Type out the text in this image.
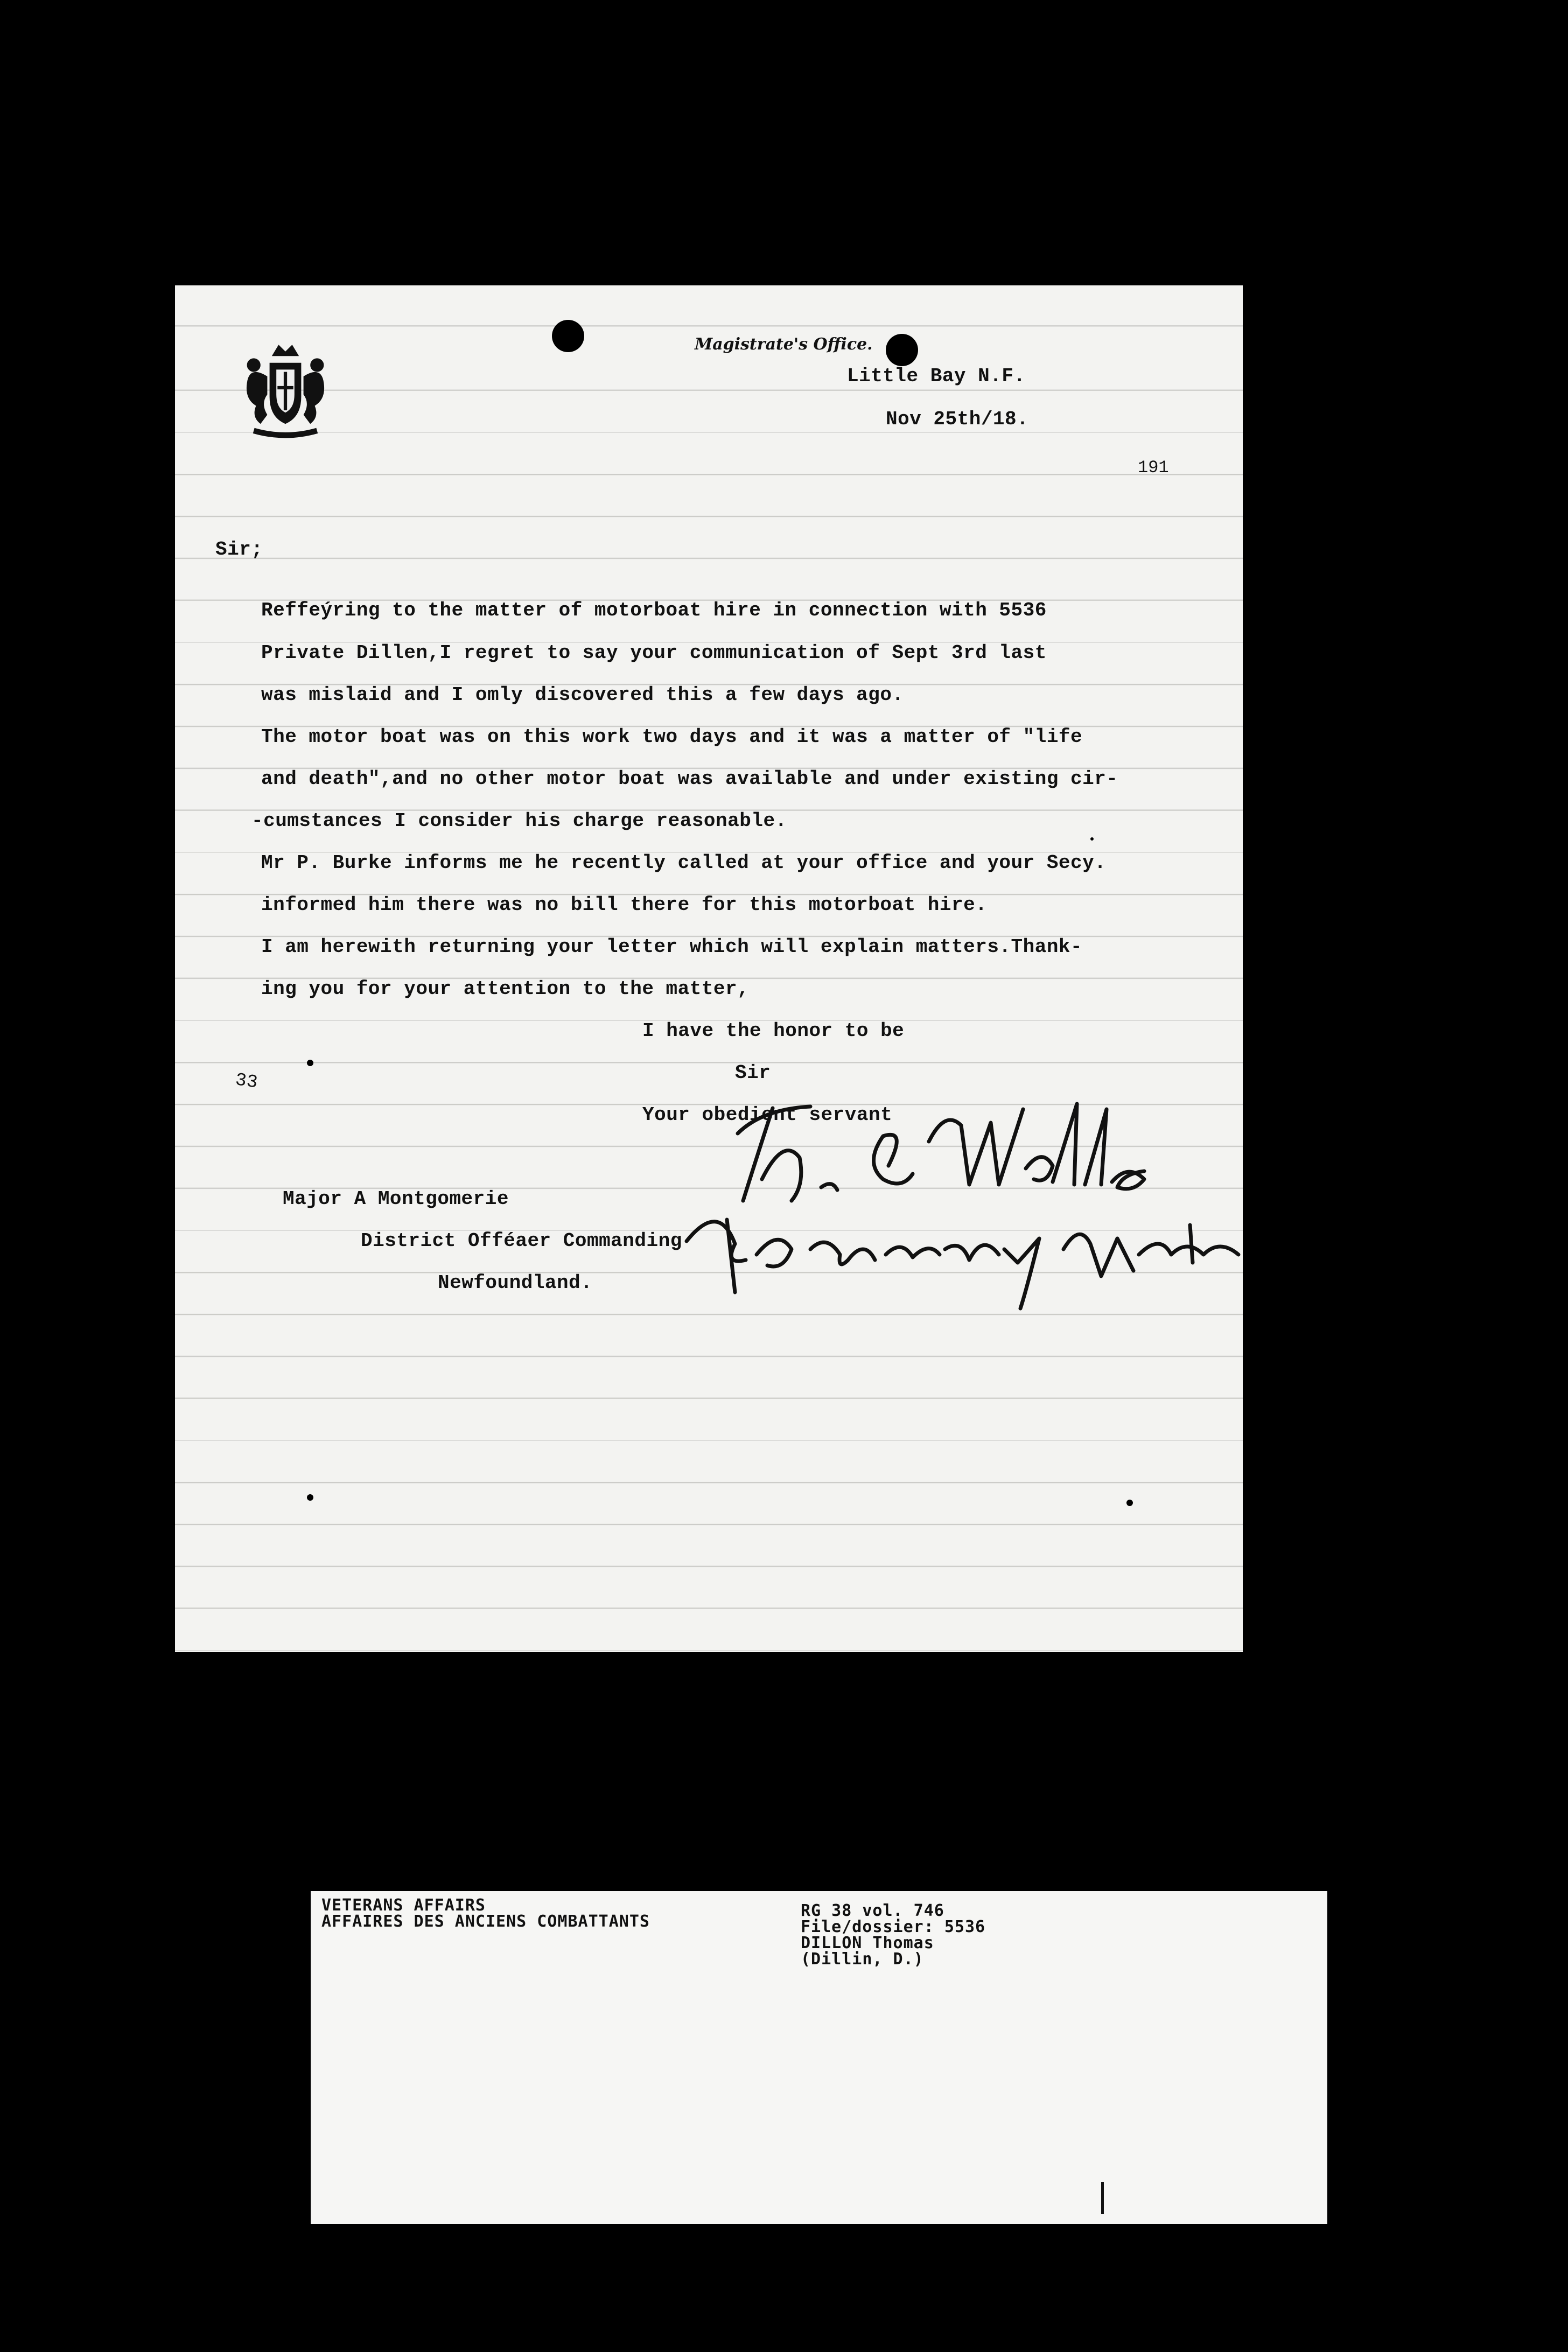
Magistrate's Office.
Little Bay N.F.
Nov 25th/18.
191
Sir;
Reffeýring to the matter of motorboat hire in connection with 5536
Private Dillen,I regret to say your communication of Sept 3rd last
was mislaid and I omly discovered this a few days ago.
The motor boat was on this work two days and it was a matter of "life
and death",and no other motor boat was available and under existing cir-
-cumstances I consider his charge reasonable.
Mr P. Burke informs me he recently called at your office and your Secy.
informed him there was no bill there for this motorboat hire.
I am herewith returning your letter which will explain matters.Thank-
ing you for your attention to the matter,
I have the honor to be
Sir
Your obedient servant
Major A Montgomerie
District Offéaer Commanding
Newfoundland.
33
VETERANS AFFAIRS
AFFAIRES DES ANCIENS COMBATTANTS
RG 38 vol. 746
File/dossier: 5536
DILLON Thomas
(Dillin, D.)
